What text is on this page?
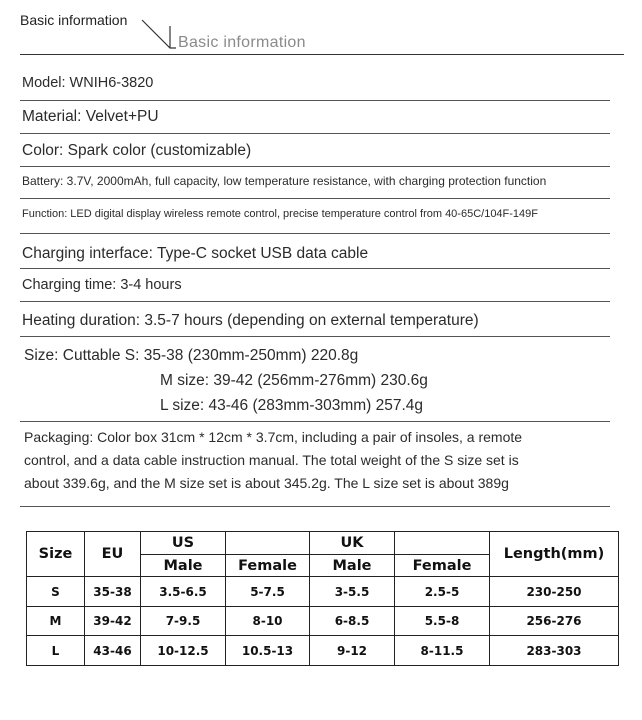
Basic information
Basic information
Model: WNIH6-3820
Material: Velvet+PU
Color: Spark color (customizable)
Battery: 3.7V, 2000mAh, full capacity, low temperature resistance, with charging protection function
Function: LED digital display wireless remote control, precise temperature control from 40-65C/104F-149F
Charging interface: Type-C socket USB data cable
Charging time: 3-4 hours
Heating duration: 3.5-7 hours (depending on external temperature)
Size: Cuttable S: 35-38 (230mm-250mm) 220.8g
M size: 39-42 (256mm-276mm) 230.6g
L size: 43-46 (283mm-303mm) 257.4g
Packaging: Color box 31cm * 12cm * 3.7cm, including a pair of insoles, a remote
control, and a data cable instruction manual. The total weight of the S size set is
about 339.6g, and the M size set is about 345.2g. The L size set is about 389g
Size	EU	US		UK		Length(mm)
		Male	Female	Male	Female	
S	35-38	3.5-6.5	5-7.5	3-5.5	2.5-5	230-250
M	39-42	7-9.5	8-10	6-8.5	5.5-8	256-276
L	43-46	10-12.5	10.5-13	9-12	8-11.5	283-303
